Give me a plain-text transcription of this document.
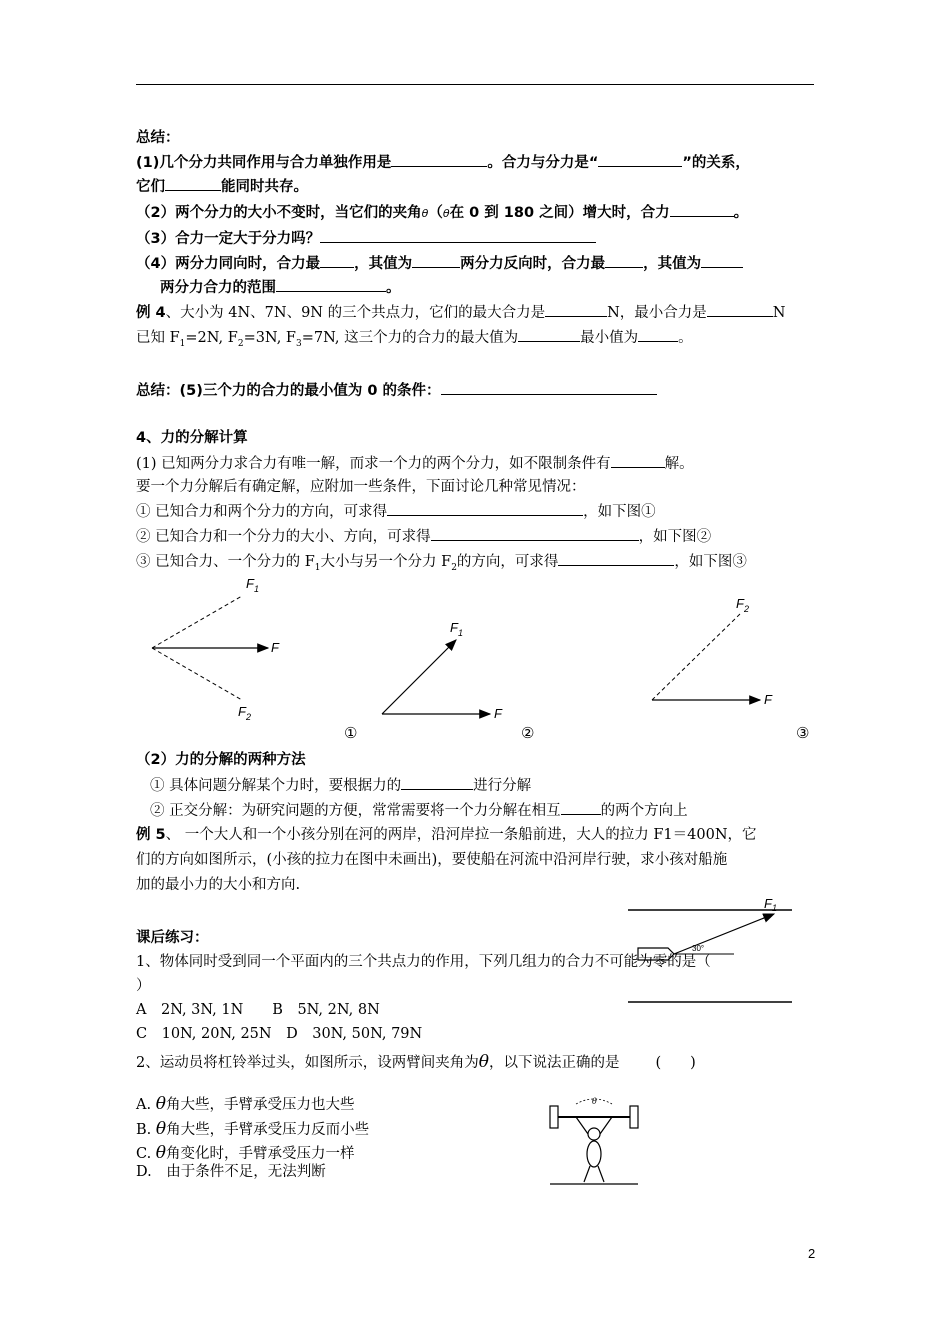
总结：
(1)几个分力共同作用与合力单独作用是	。合力与分力是“	”的关系，
它们	能同时共存。
（2）两个分力的大小不变时，当它们的夹角θ（θ在 0 到 180 之间）增大时，合力	。
（3）合力一定大于分力吗？
（4）两分力同向时，合力最 ，其值为	两分力反向时，合力最	，其值为
两分力合力的范围	。
例 4、大小为 4N、7N、9N 的三个共点力，它们的最大合力是	N，最小合力是	N
已知 $F_1=2N$, $F_2=3N$, $F_3=7N$, 这三个力的合力的最大值为	最小值为	。
总结：(5)三个力的合力的最小值为 0 的条件：
4、力的分解计算
(1) 已知两分力求合力有唯一解，而求一个力的两个分力，如不限制条件有	解。
要一个力分解后有确定解，应附加一些条件，下面讨论几种常见情况：
① 已知合力和两个分力的方向，可求得	，如下图①
② 已知合力和一个分力的大小、方向，可求得	，如下图②
③ 已知合力、一个分力的 $F_1$大小与另一个分力 $F_2$的方向，可求得	，如下图③
$F_1$
F
$F_2$
$F_1$
F
$F_2$
F
①	②	③
（2）力的分解的两种方法
① 具体问题分解某个力时，要根据力的	进行分解
② 正交分解：为研究问题的方便，常常需要将一个力分解在相互	的两个方向上
例 5、 一个大人和一个小孩分别在河的两岸，沿河岸拉一条船前进，大人的拉力 F1＝400N，它
们的方向如图所示，(小孩的拉力在图中未画出)，要使船在河流中沿河岸行驶，求小孩对船施
加的最小力的大小和方向.
$F_1$
30°
课后练习：
1、物体同时受到同一个平面内的三个共点力的作用，下列几组力的合力不可能为零的是（
）
A　2N, 3N, 1N　　B　5N, 2N, 8N
C　10N, 20N, 25N　D　30N, 50N, 79N
2、运动员将杠铃举过头，如图所示，设两臂间夹角为θ，以下说法正确的是 (　　)
A. θ角大些，手臂承受压力也大些
B. θ角大些，手臂承受压力反而小些
C. θ角变化时，手臂承受压力一样
D.　由于条件不足，无法判断
θ
2
